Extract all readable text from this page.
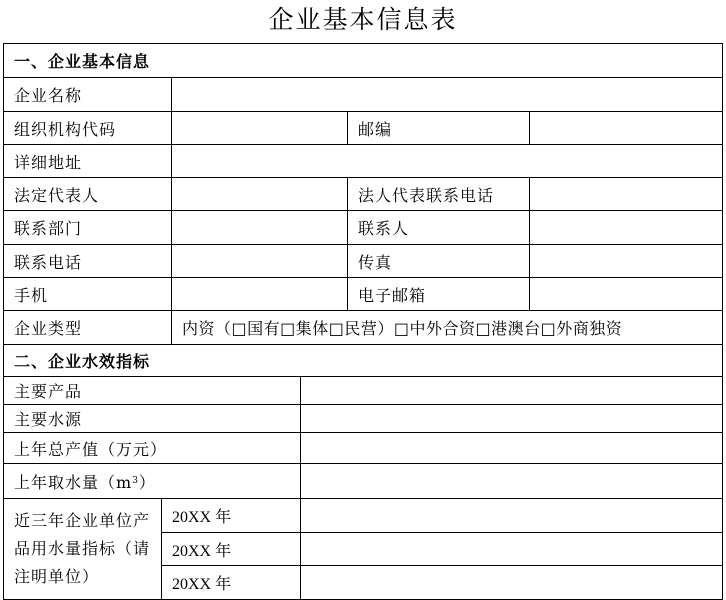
企业基本信息表
一、企业基本信息
企业名称
组织机构代码	邮编
详细地址
法定代表人	法人代表联系电话
联系部门	联系人
联系电话	传真
手机	电子邮箱
企业类型	内资（□国有□集体□民营）□中外合资□港澳台□外商独资
二、企业水效指标
主要产品
主要水源
上年总产值（万元）
上年取水量（m 3 ）
近三年企业单位产品用水量指标（请注明单位）
20XX 年
20XX 年
20XX 年
